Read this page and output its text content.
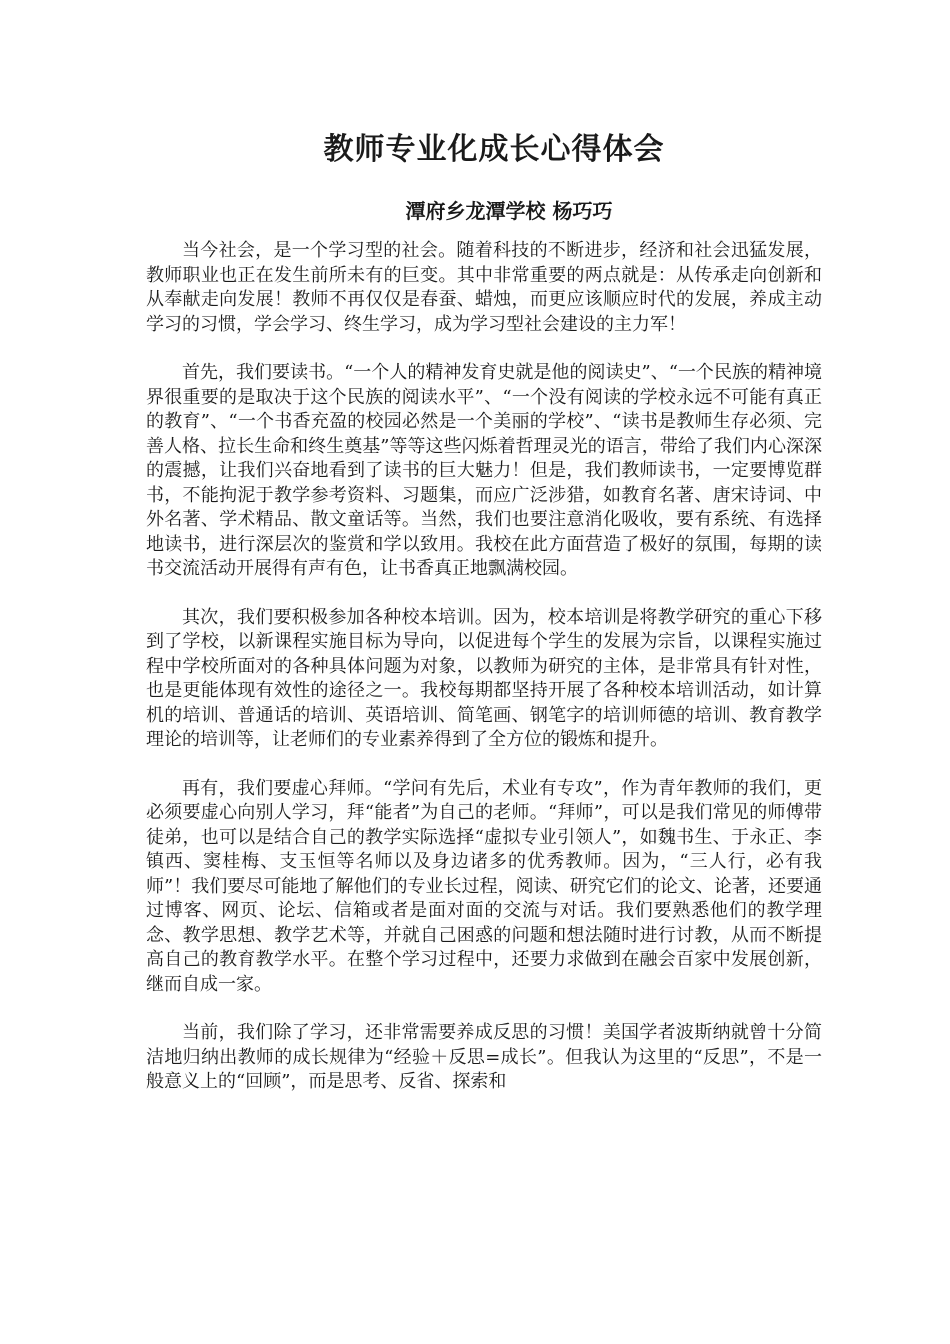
教师专业化成长心得体会
潭府乡龙潭学校 杨巧巧

当今社会，是一个学习型的社会。随着科技的不断进步，经济和社会迅猛发展，教师职业也正在发生前所未有的巨变。其中非常重要的两点就是：从传承走向创新和从奉献走向发展！教师不再仅仅是春蚕、蜡烛，而更应该顺应时代的发展，养成主动学习的习惯，学会学习、终生学习，成为学习型社会建设的主力军！

首先，我们要读书。“一个人的精神发育史就是他的阅读史”、“一个民族的精神境界很重要的是取决于这个民族的阅读水平”、“一个没有阅读的学校永远不可能有真正的教育”、“一个书香充盈的校园必然是一个美丽的学校”、“读书是教师生存必须、完善人格、拉长生命和终生奠基”等等这些闪烁着哲理灵光的语言，带给了我们内心深深的震撼，让我们兴奋地看到了读书的巨大魅力！但是，我们教师读书，一定要博览群书，不能拘泥于教学参考资料、习题集，而应广泛涉猎，如教育名著、唐宋诗词、中外名著、学术精品、散文童话等。当然，我们也要注意消化吸收，要有系统、有选择地读书，进行深层次的鉴赏和学以致用。我校在此方面营造了极好的氛围，每期的读书交流活动开展得有声有色，让书香真正地飘满校园。

其次，我们要积极参加各种校本培训。因为，校本培训是将教学研究的重心下移到了学校，以新课程实施目标为导向，以促进每个学生的发展为宗旨，以课程实施过程中学校所面对的各种具体问题为对象，以教师为研究的主体，是非常具有针对性，也是更能体现有效性的途径之一。我校每期都坚持开展了各种校本培训活动，如计算机的培训、普通话的培训、英语培训、简笔画、钢笔字的培训师德的培训、教育教学理论的培训等，让老师们的专业素养得到了全方位的锻炼和提升。

再有，我们要虚心拜师。“学问有先后，术业有专攻”，作为青年教师的我们，更必须要虚心向别人学习，拜“能者”为自己的老师。“拜师”，可以是我们常见的师傅带徒弟，也可以是结合自己的教学实际选择“虚拟专业引领人”，如魏书生、于永正、李镇西、窦桂梅、支玉恒等名师以及身边诸多的优秀教师。因为，“三人行，必有我师”！我们要尽可能地了解他们的专业长过程，阅读、研究它们的论文、论著，还要通过博客、网页、论坛、信箱或者是面对面的交流与对话。我们要熟悉他们的教学理念、教学思想、教学艺术等，并就自己困惑的问题和想法随时进行讨教，从而不断提高自己的教育教学水平。在整个学习过程中，还要力求做到在融会百家中发展创新，继而自成一家。

当前，我们除了学习，还非常需要养成反思的习惯！美国学者波斯纳就曾十分简洁地归纳出教师的成长规律为“经验＋反思=成长”。但我认为这里的“反思”，不是一般意义上的“回顾”，而是思考、反省、探索和
